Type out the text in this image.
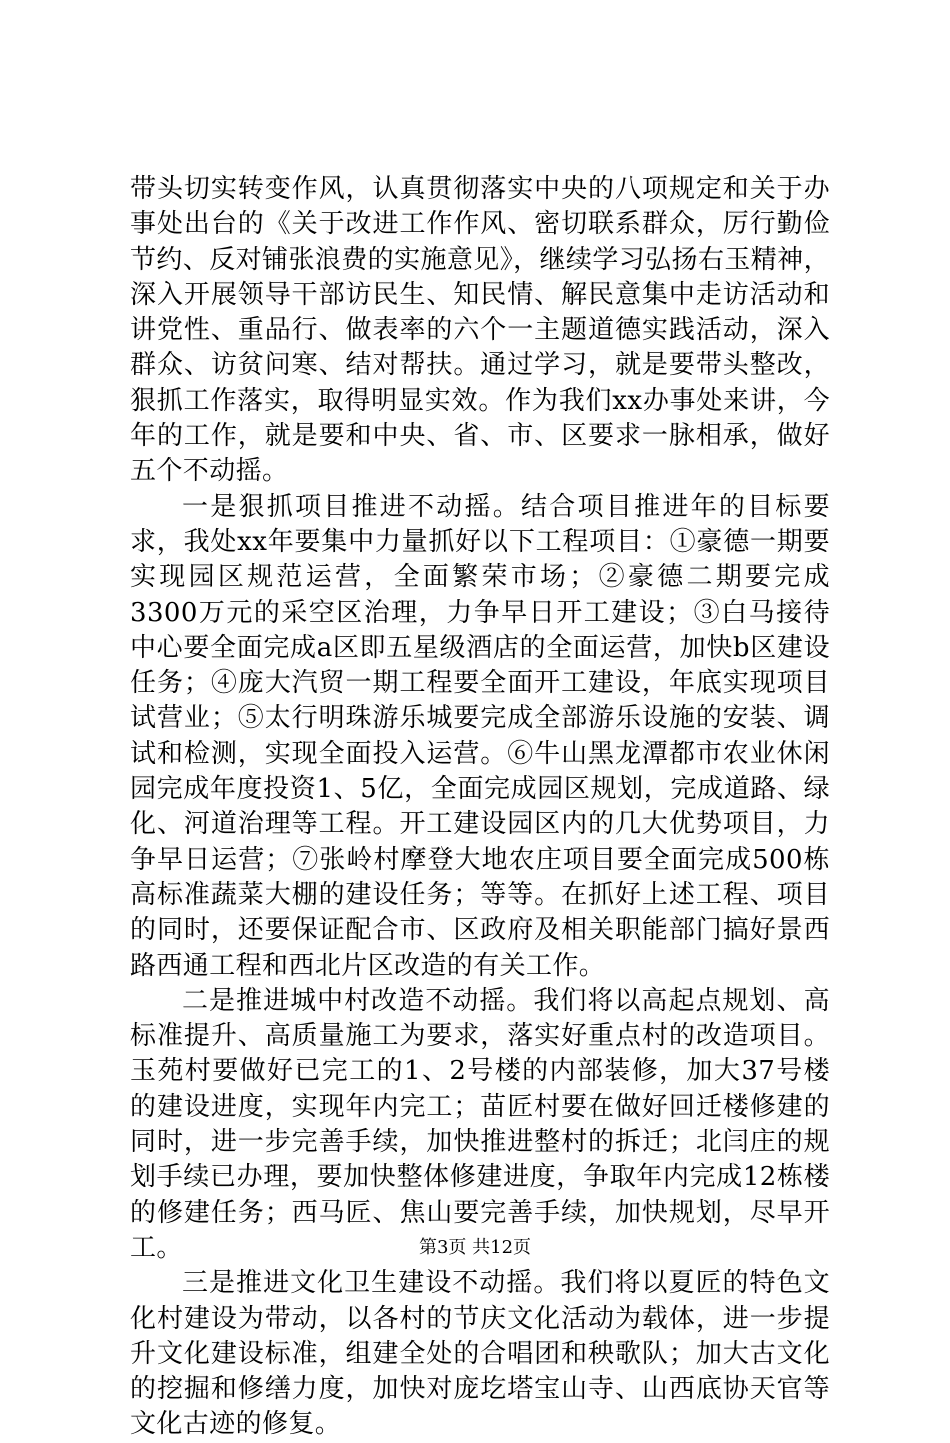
带头切实转变作风，认真贯彻落实中央的八项规定和关于办事处出台的《关于改进工作作风、密切联系群众，厉行勤俭节约、反对铺张浪费的实施意见》，继续学习弘扬右玉精神，深入开展领导干部访民生、知民情、解民意集中走访活动和讲党性、重品行、做表率的六个一主题道德实践活动，深入群众、访贫问寒、结对帮扶。通过学习，就是要带头整改，狠抓工作落实，取得明显实效。作为我们xx办事处来讲，今年的工作，就是要和中央、省、市、区要求一脉相承，做好五个不动摇。

一是狠抓项目推进不动摇。结合项目推进年的目标要求，我处xx年要集中力量抓好以下工程项目：①豪德一期要实现园区规范运营，全面繁荣市场；②豪德二期要完成3300万元的采空区治理，力争早日开工建设；③白马接待中心要全面完成a区即五星级酒店的全面运营，加快b区建设任务；④庞大汽贸一期工程要全面开工建设，年底实现项目试营业；⑤太行明珠游乐城要完成全部游乐设施的安装、调试和检测，实现全面投入运营。⑥牛山黑龙潭都市农业休闲园完成年度投资1、5亿，全面完成园区规划，完成道路、绿化、河道治理等工程。开工建设园区内的几大优势项目，力争早日运营；⑦张岭村摩登大地农庄项目要全面完成500栋高标准蔬菜大棚的建设任务；等等。在抓好上述工程、项目的同时，还要保证配合市、区政府及相关职能部门搞好景西路西通工程和西北片区改造的有关工作。

二是推进城中村改造不动摇。我们将以高起点规划、高标准提升、高质量施工为要求，落实好重点村的改造项目。玉苑村要做好已完工的1、2号楼的内部装修，加大37号楼的建设进度，实现年内完工；苗匠村要在做好回迁楼修建的同时，进一步完善手续，加快推进整村的拆迁；北闫庄的规划手续已办理，要加快整体修建进度，争取年内完成12栋楼的修建任务；西马匠、焦山要完善手续，加快规划，尽早开工。

三是推进文化卫生建设不动摇。我们将以夏匠的特色文化村建设为带动，以各村的节庆文化活动为载体，进一步提升文化建设标准，组建全处的合唱团和秧歌队；加大古文化的挖掘和修缮力度，加快对庞圪塔宝山寺、山西底协天官等文化古迹的修复。

第3页 共12页
